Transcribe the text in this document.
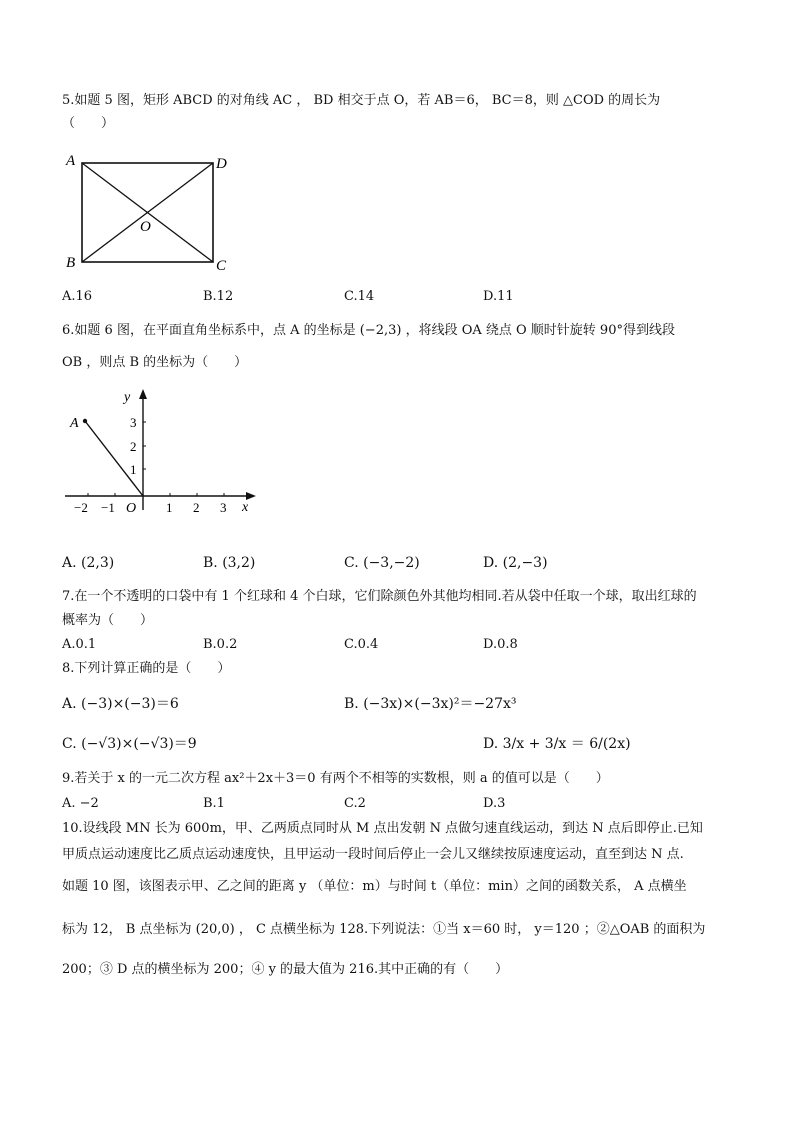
5.如题 5 图，矩形 ABCD 的对角线 AC ， BD 相交于点 O，若 AB＝6， BC＝8，则 △COD 的周长为
（　　）
A	D
B	C
O
A.16	B.12	C.14	D.11
6.如题 6 图，在平面直角坐标系中，点 A 的坐标是 (−2,3) ，将线段 OA 绕点 O 顺时针旋转 90°得到线段
OB ，则点 B 的坐标为（　　）
A
y
x
O
−2 −1	1 2 3
1
2
3
A. (2,3)	B. (3,2)	C. (−3,−2)	D. (2,−3)
7.在一个不透明的口袋中有 1 个红球和 4 个白球，它们除颜色外其他均相同.若从袋中任取一个球，取出红球的
概率为（　　）
A.0.1	B.0.2	C.0.4	D.0.8
8.下列计算正确的是（　　）
A. (−3)×(−3)＝6	B. (−3x)×(−3x)²＝−27x³
C. (−√3)×(−√3)＝9	D. 3/x + 3/x ＝ 6/(2x)
9.若关于 x 的一元二次方程 ax²＋2x＋3＝0 有两个不相等的实数根，则 a 的值可以是（　　）
A. −2	B.1	C.2	D.3
10.设线段 MN 长为 600m，甲、乙两质点同时从 M 点出发朝 N 点做匀速直线运动，到达 N 点后即停止.已知
甲质点运动速度比乙质点运动速度快，且甲运动一段时间后停止一会儿又继续按原速度运动，直至到达 N 点.
如题 10 图，该图表示甲、乙之间的距离 y （单位：m）与时间 t（单位：min）之间的函数关系， A 点横坐
标为 12， B 点坐标为 (20,0) ， C 点横坐标为 128.下列说法：①当 x＝60 时， y＝120 ；②△OAB 的面积为
200；③ D 点的横坐标为 200；④ y 的最大值为 216.其中正确的有（　　）
